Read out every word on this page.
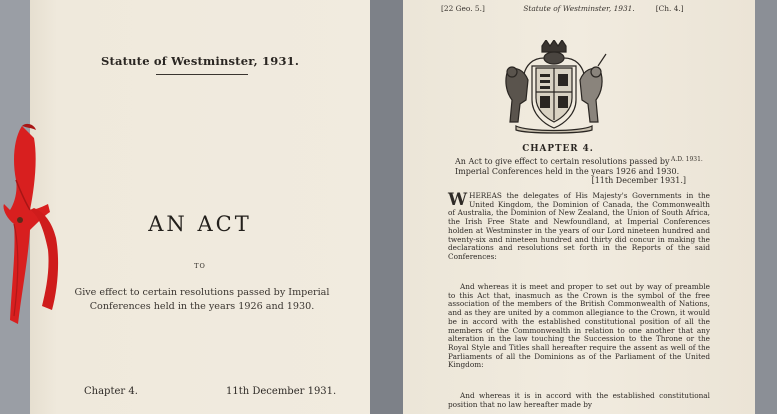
Statute of Westminster, 1931.
AN ACT
TO
Give effect to certain resolutions passed by Imperial Conferences held in the years 1926 and 1930.
Chapter 4.	11th December 1931.
[22 Geo. 5.]	Statute of Westminster, 1931.	[Ch. 4.]
CHAPTER 4.
An Act to give effect to certain resolutions passed by Imperial Conferences held in the years 1926 and 1930.
[11th December 1931.]
A.D. 1931.
WHEREAS the delegates of His Majesty's Governments in the United Kingdom, the Dominion of Canada, the Commonwealth of Australia, the Dominion of New Zealand, the Union of South Africa, the Irish Free State and Newfoundland, at Imperial Conferences holden at Westminster in the years of our Lord nineteen hundred and twenty-six and nineteen hundred and thirty did concur in making the declarations and resolutions set forth in the Reports of the said Conferences:
And whereas it is meet and proper to set out by way of preamble to this Act that, inasmuch as the Crown is the symbol of the free association of the members of the British Commonwealth of Nations, and as they are united by a common allegiance to the Crown, it would be in accord with the established constitutional position of all the members of the Commonwealth in relation to one another that any alteration in the law touching the Succession to the Throne or the Royal Style and Titles shall hereafter require the assent as well of the Parliaments of all the Dominions as of the Parliament of the United Kingdom:
And whereas it is in accord with the established constitutional position that no law hereafter made by
